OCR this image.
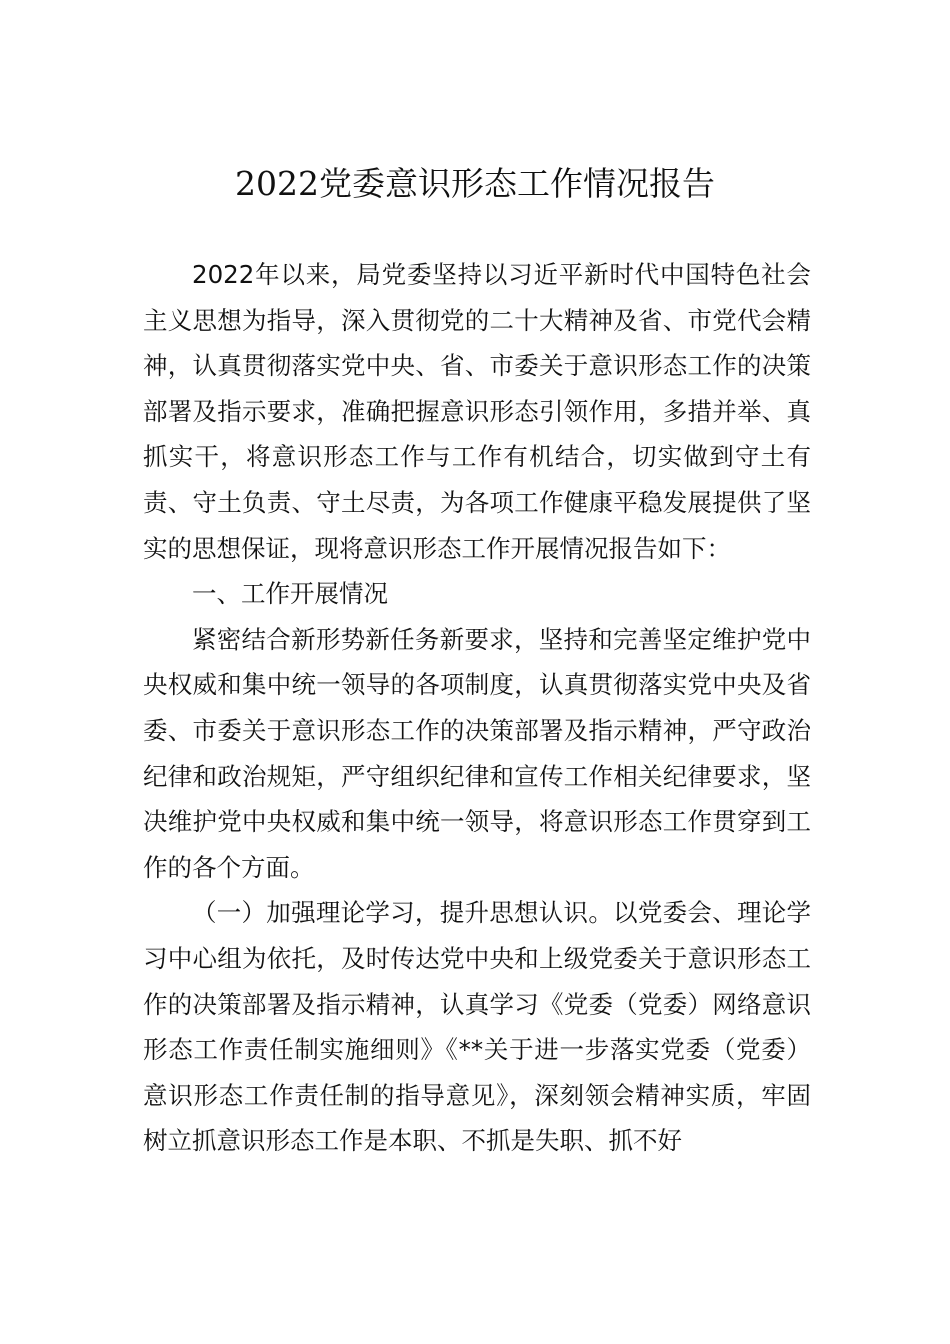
2022党委意识形态工作情况报告

2022年以来，局党委坚持以习近平新时代中国特色社会主义思想为指导，深入贯彻党的二十大精神及省、市党代会精神，认真贯彻落实党中央、省、市委关于意识形态工作的决策部署及指示要求，准确把握意识形态引领作用，多措并举、真抓实干，将意识形态工作与工作有机结合，切实做到守土有责、守土负责、守土尽责，为各项工作健康平稳发展提供了坚实的思想保证，现将意识形态工作开展情况报告如下：

一、工作开展情况

紧密结合新形势新任务新要求，坚持和完善坚定维护党中央权威和集中统一领导的各项制度，认真贯彻落实党中央及省委、市委关于意识形态工作的决策部署及指示精神，严守政治纪律和政治规矩，严守组织纪律和宣传工作相关纪律要求，坚决维护党中央权威和集中统一领导，将意识形态工作贯穿到工作的各个方面。

（一）加强理论学习，提升思想认识。以党委会、理论学习中心组为依托，及时传达党中央和上级党委关于意识形态工作的决策部署及指示精神，认真学习《党委（党委）网络意识形态工作责任制实施细则》《**关于进一步落实党委（党委）意识形态工作责任制的指导意见》，深刻领会精神实质，牢固树立抓意识形态工作是本职、不抓是失职、抓不好
